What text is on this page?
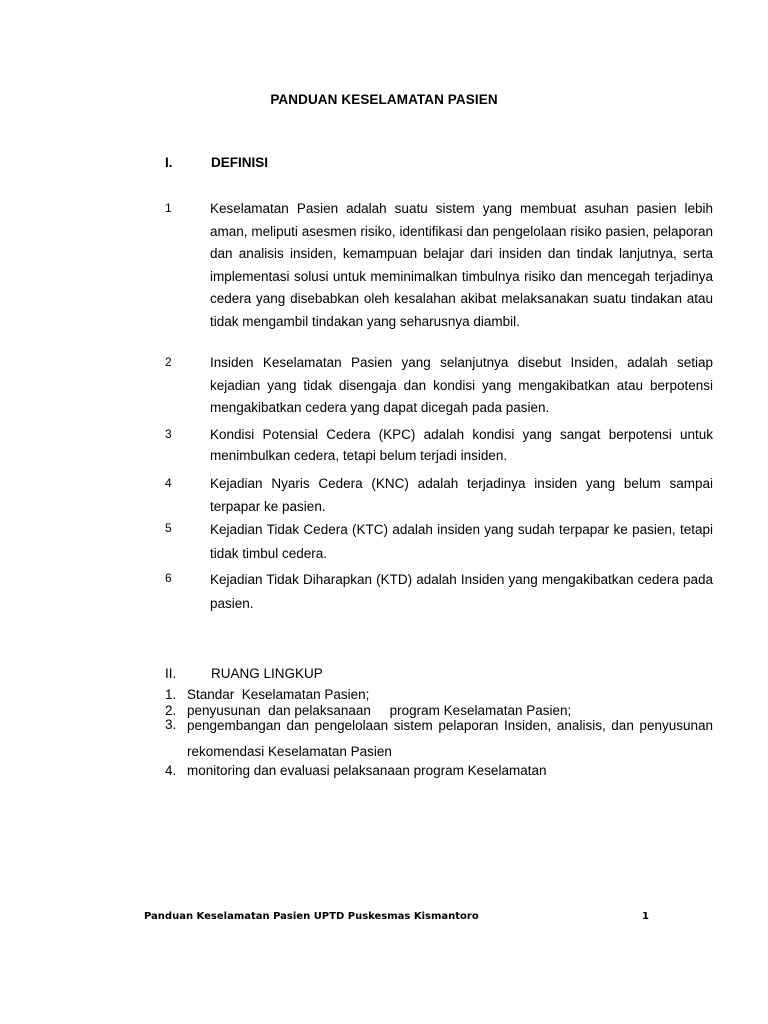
PANDUAN KESELAMATAN PASIEN
I.	DEFINISI
1	Keselamatan Pasien adalah suatu sistem yang membuat asuhan pasien lebih aman, meliputi asesmen risiko, identifikasi dan pengelolaan risiko pasien, pelaporan dan analisis insiden, kemampuan belajar dari insiden dan tindak lanjutnya, serta implementasi solusi untuk meminimalkan timbulnya risiko dan mencegah terjadinya cedera yang disebabkan oleh kesalahan akibat melaksanakan suatu tindakan atau tidak mengambil tindakan yang seharusnya diambil.
2	Insiden Keselamatan Pasien yang selanjutnya disebut Insiden, adalah setiap kejadian yang tidak disengaja dan kondisi yang mengakibatkan atau berpotensi mengakibatkan cedera yang dapat dicegah pada pasien.
3	Kondisi Potensial Cedera (KPC) adalah kondisi yang sangat berpotensi untuk menimbulkan cedera, tetapi belum terjadi insiden.
4	Kejadian Nyaris Cedera (KNC) adalah terjadinya insiden yang belum sampai terpapar ke pasien.
5	Kejadian Tidak Cedera (KTC) adalah insiden yang sudah terpapar ke pasien, tetapi tidak timbul cedera.
6	Kejadian Tidak Diharapkan (KTD) adalah Insiden yang mengakibatkan cedera pada pasien.
II.	RUANG LINGKUP
1. Standar  Keselamatan Pasien;
2. penyusunan  dan pelaksanaan     program Keselamatan Pasien;
3. pengembangan dan pengelolaan sistem pelaporan Insiden, analisis, dan penyusunan rekomendasi Keselamatan Pasien
4. monitoring dan evaluasi pelaksanaan program Keselamatan
Panduan Keselamatan Pasien UPTD Puskesmas Kismantoro	1
